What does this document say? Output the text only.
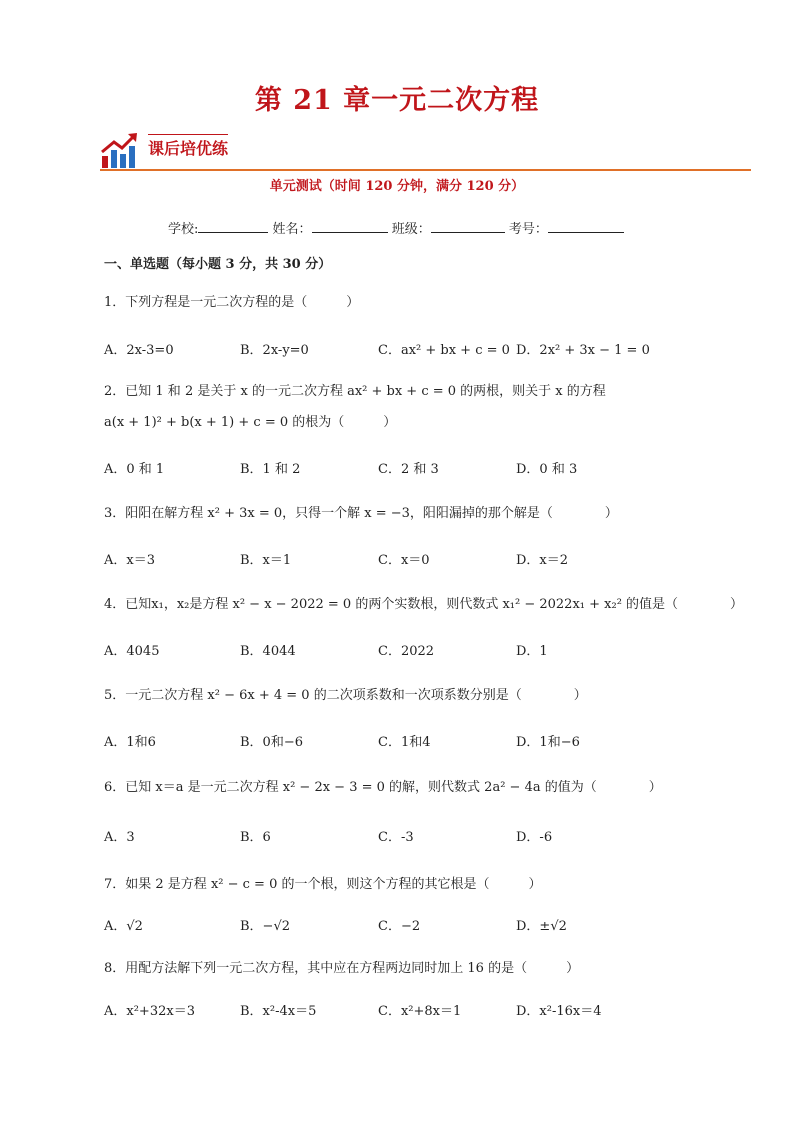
第 21 章一元二次方程
课后培优练
单元测试（时间 120 分钟，满分 120 分）
学校:	姓名：	班级：	考号：
一、单选题（每小题 3 分，共 30 分）
1．下列方程是一元二次方程的是（　　　）
A．2x-3=0	B．2x-y=0	C．ax² + bx + c = 0 D．2x² + 3x − 1 = 0
2．已知 1 和 2 是关于 x 的一元二次方程 ax² + bx + c = 0 的两根，则关于 x 的方程
a(x + 1)² + b(x + 1) + c = 0 的根为（　　　）
A．0 和 1	B．1 和 2	C．2 和 3	D．0 和 3
3．阳阳在解方程 x² + 3x = 0，只得一个解 x = −3，阳阳漏掉的那个解是（　　　　）
A．x＝3	B．x＝1	C．x＝0	D．x＝2
4．已知x₁，x₂是方程 x² − x − 2022 = 0 的两个实数根，则代数式 x₁² − 2022x₁ + x₂² 的值是（　　　　）
A．4045	B．4044	C．2022	D．1
5．一元二次方程 x² − 6x + 4 = 0 的二次项系数和一次项系数分别是（　　　　）
A．1和6	B．0和−6	C．1和4	D．1和−6
6．已知 x＝a 是一元二次方程 x² − 2x − 3 = 0 的解，则代数式 2a² − 4a 的值为（　　　　）
A．3	B．6	C．-3	D．-6
7．如果 2 是方程 x² − c = 0 的一个根，则这个方程的其它根是（　　　）
A．√2	B．−√2	C．−2	D．±√2
8．用配方法解下列一元二次方程，其中应在方程两边同时加上 16 的是（　　　）
A．x²+32x＝3	B．x²-4x＝5	C．x²+8x＝1	D．x²-16x＝4
